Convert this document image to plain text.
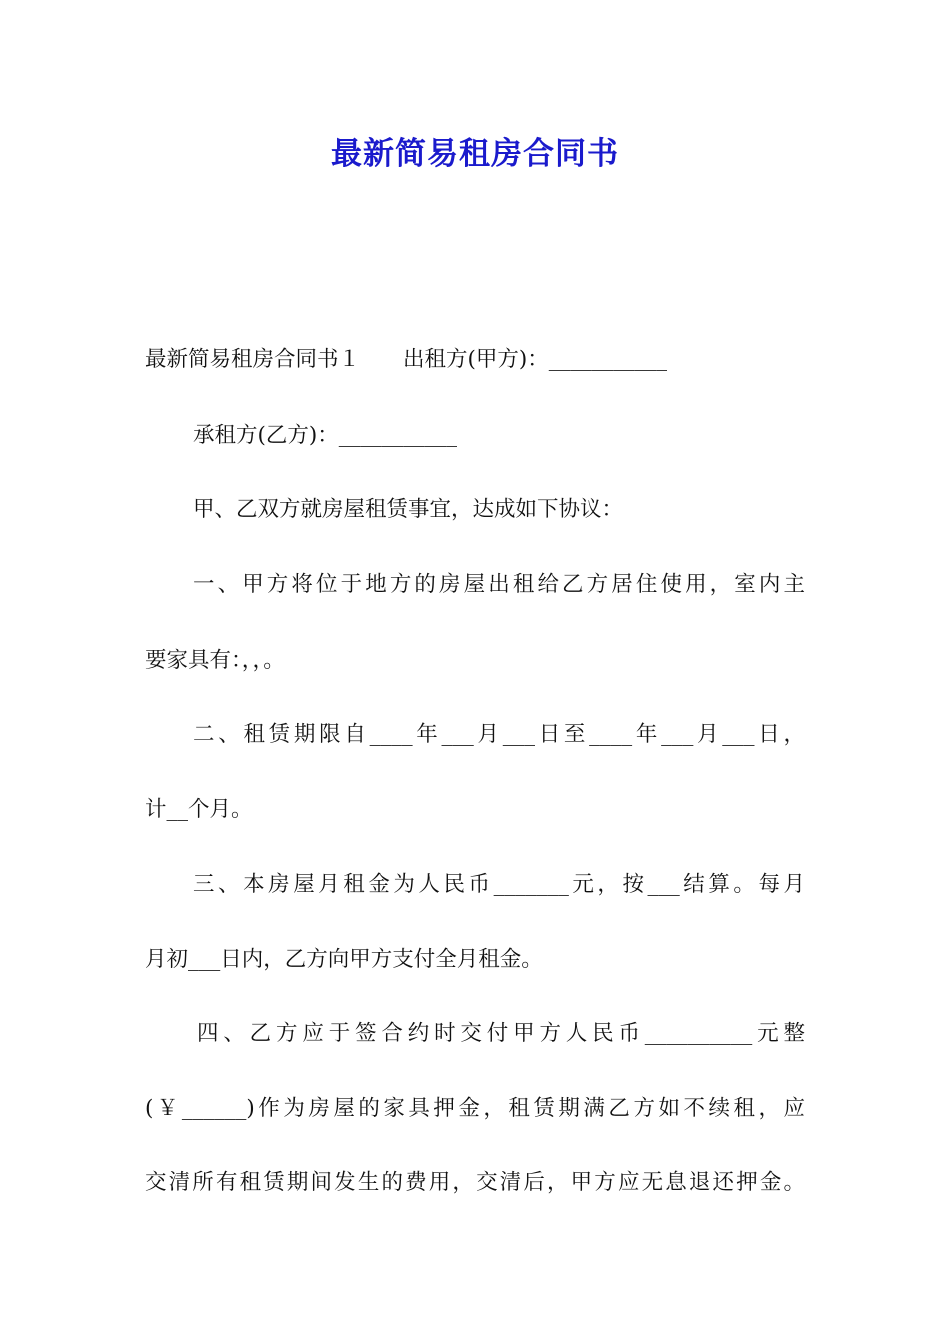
最新简易租房合同书
最新简易租房合同书１　　出租方(甲方)：___________
承租方(乙方)：___________
甲、乙双方就房屋租赁事宜，达成如下协议：
一、甲方将位于地方的房屋出租给乙方居住使用，室内主
要家具有：，，。
二、租赁期限自____年___月___日至____年___月___日，
计__个月。
三、本房屋月租金为人民币_______元，按___结算。每月
月初___日内，乙方向甲方支付全月租金。
四、乙方应于签合约时交付甲方人民币__________元整
(￥______)作为房屋的家具押金，租赁期满乙方如不续租，应
交清所有租赁期间发生的费用，交清后，甲方应无息退还押金。
